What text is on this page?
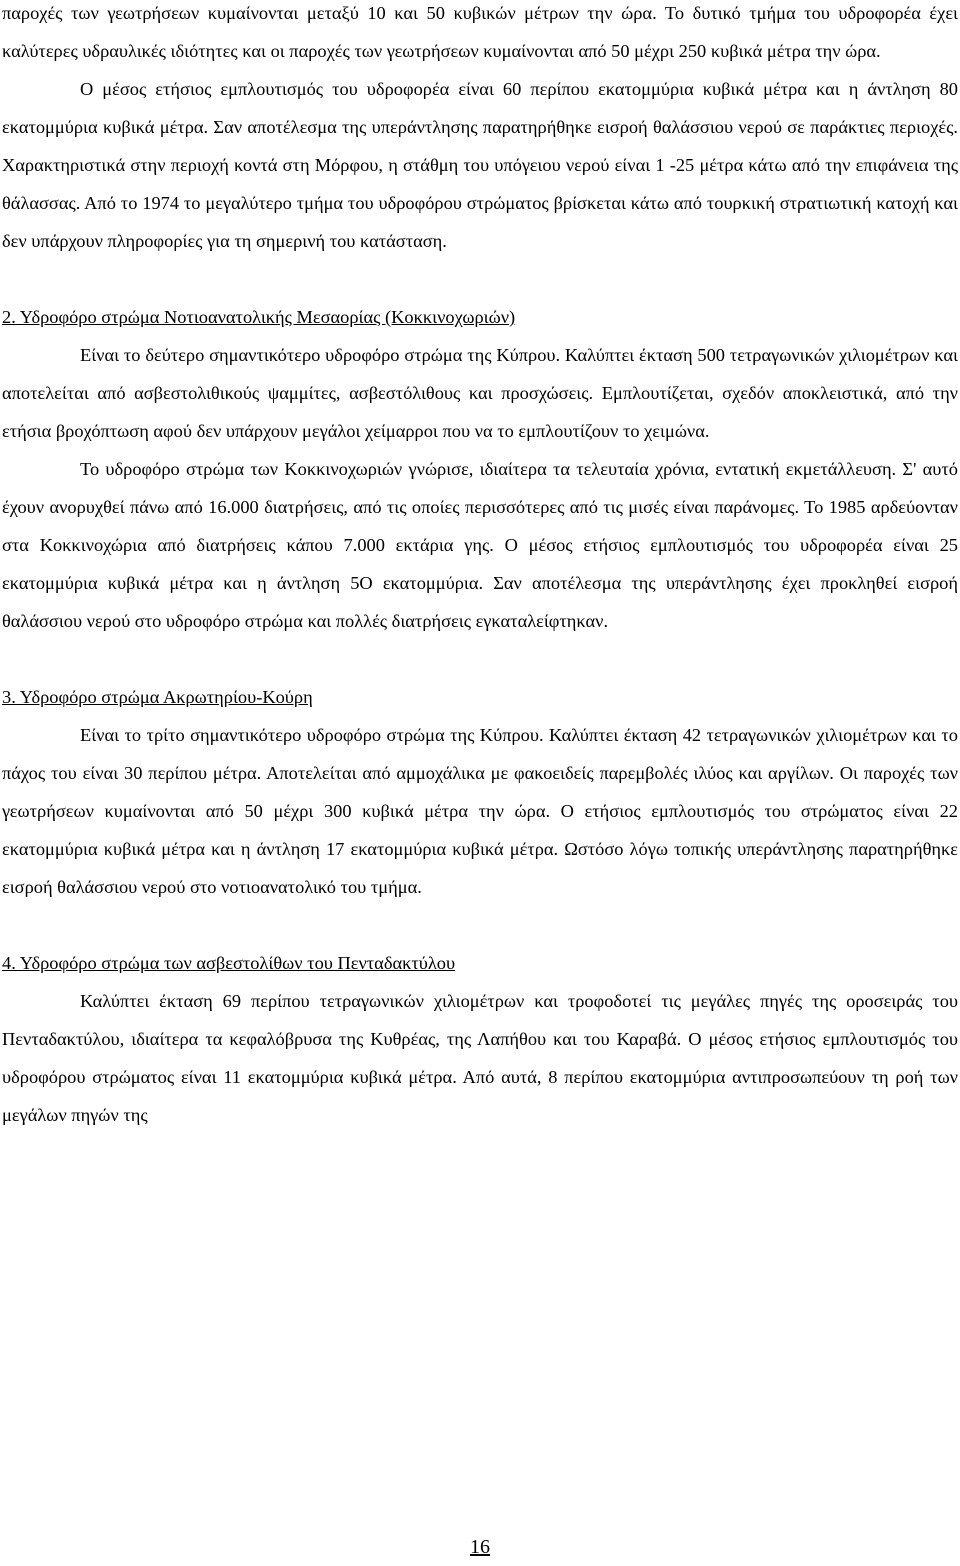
παροχές των γεωτρήσεων κυμαίνονται μεταξύ 10 και 50 κυβικών μέτρων την ώρα. Το δυτικό τμήμα του υδροφορέα έχει καλύτερες υδραυλικές ιδιότητες και οι παροχές των γεωτρήσεων κυμαίνονται από 50 μέχρι 250 κυβικά μέτρα την ώρα.

Ο μέσος ετήσιος εμπλουτισμός του υδροφορέα είναι 60 περίπου εκατομμύρια κυβικά μέτρα και η άντληση 80 εκατομμύρια κυβικά μέτρα. Σαν αποτέλεσμα της υπεράντλησης παρατηρήθηκε εισροή θαλάσσιου νερού σε παράκτιες περιοχές. Χαρακτηριστικά στην περιοχή κοντά στη Μόρφου, η στάθμη του υπόγειου νερού είναι 1 -25 μέτρα κάτω από την επιφάνεια της θάλασσας. Από το 1974 το μεγαλύτερο τμήμα του υδροφόρου στρώματος βρίσκεται κάτω από τουρκική στρατιωτική κατοχή και δεν υπάρχουν πληροφορίες για τη σημερινή του κατάσταση.

2. Υδροφόρο στρώμα Νοτιοανατολικής Μεσαορίας (Κοκκινοχωριών)

Είναι το δεύτερο σημαντικότερο υδροφόρο στρώμα της Κύπρου. Καλύπτει έκταση 500 τετραγωνικών χιλιομέτρων και αποτελείται από ασβεστολιθικούς ψαμμίτες, ασβεστόλιθους και προσχώσεις. Εμπλουτίζεται, σχεδόν αποκλειστικά, από την ετήσια βροχόπτωση αφού δεν υπάρχουν μεγάλοι χείμαρροι που να το εμπλουτίζουν το χειμώνα.

Το υδροφόρο στρώμα των Κοκκινοχωριών γνώρισε, ιδιαίτερα τα τελευταία χρόνια, εντατική εκμετάλλευση. Σ' αυτό έχουν ανορυχθεί πάνω από 16.000 διατρήσεις, από τις οποίες περισσότερες από τις μισές είναι παράνομες. Το 1985 αρδεύονταν στα Κοκκινοχώρια από διατρήσεις κάπου 7.000 εκτάρια γης. Ο μέσος ετήσιος εμπλουτισμός του υδροφορέα είναι 25 εκατομμύρια κυβικά μέτρα και η άντληση 5Ο εκατομμύρια. Σαν αποτέλεσμα της υπεράντλησης έχει προκληθεί εισροή θαλάσσιου νερού στο υδροφόρο στρώμα και πολλές διατρήσεις εγκαταλείφτηκαν.

3. Υδροφόρο στρώμα Ακρωτηρίου-Κούρη

Είναι το τρίτο σημαντικότερο υδροφόρο στρώμα της Κύπρου. Καλύπτει έκταση 42 τετραγωνικών χιλιομέτρων και το πάχος του είναι 30 περίπου μέτρα. Αποτελείται από αμμοχάλικα με φακοειδείς παρεμβολές ιλύος και αργίλων. Οι παροχές των γεωτρήσεων κυμαίνονται από 50 μέχρι 300 κυβικά μέτρα την ώρα. Ο ετήσιος εμπλουτισμός του στρώματος είναι 22 εκατομμύρια κυβικά μέτρα και η άντληση 17 εκατομμύρια κυβικά μέτρα. Ωστόσο λόγω τοπικής υπεράντλησης παρατηρήθηκε εισροή θαλάσσιου νερού στο νοτιοανατολικό του τμήμα.

4. Υδροφόρο στρώμα των ασβεστολίθων του Πενταδακτύλου

Καλύπτει έκταση 69 περίπου τετραγωνικών χιλιομέτρων και τροφοδοτεί τις μεγάλες πηγές της οροσειράς του Πενταδακτύλου, ιδιαίτερα τα κεφαλόβρυσα της Κυθρέας, της Λαπήθου και του Καραβά. Ο μέσος ετήσιος εμπλουτισμός του υδροφόρου στρώματος είναι 11 εκατομμύρια κυβικά μέτρα. Από αυτά, 8 περίπου εκατομμύρια αντιπροσωπεύουν τη ροή των μεγάλων πηγών της

16
